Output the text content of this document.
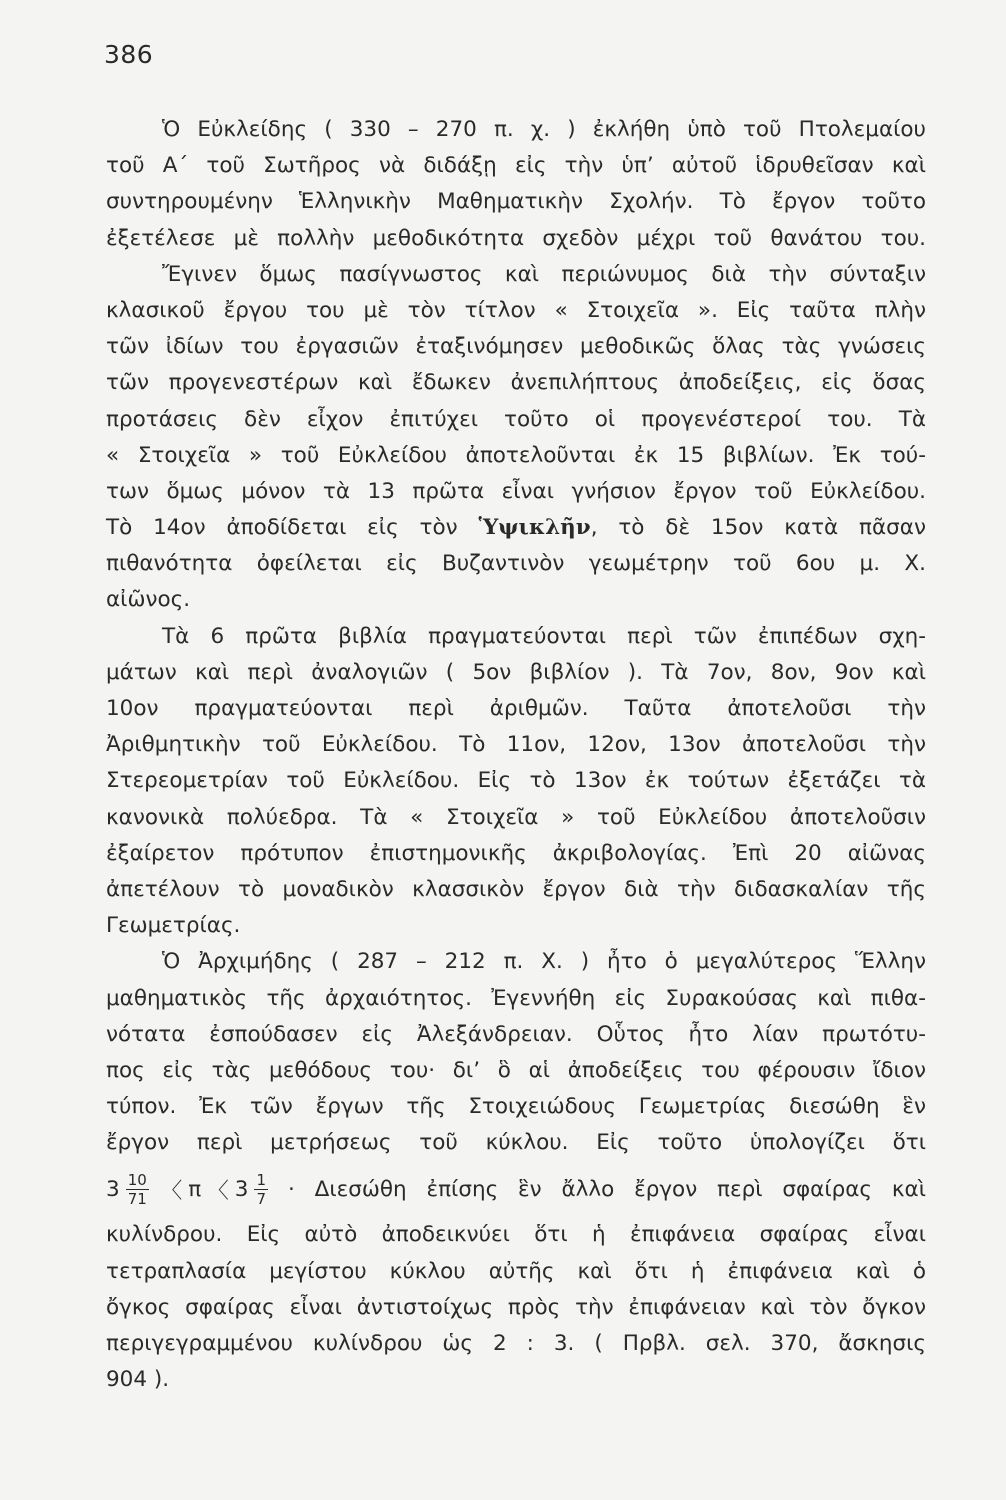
386
Ὁ Εὐκλείδης ( 330 – 270 π. χ. ) ἐκλήθη ὑπὸ τοῦ Πτολεμαίου
τοῦ Α΄ τοῦ Σωτῆρος νὰ διδάξῃ εἰς τὴν ὑπ’ αὐτοῦ ἱδρυθεῖσαν καὶ
συντηρουμένην Ἑλληνικὴν Μαθηματικὴν Σχολήν. Τὸ ἔργον τοῦτο
ἐξετέλεσε μὲ πολλὴν μεθοδικότητα σχεδὸν μέχρι τοῦ θανάτου του.
Ἔγινεν ὅμως πασίγνωστος καὶ περιώνυμος διὰ τὴν σύνταξιν
κλασικοῦ ἔργου του μὲ τὸν τίτλον « Στοιχεῖα ». Εἰς ταῦτα πλὴν
τῶν ἰδίων του ἐργασιῶν ἐταξινόμησεν μεθοδικῶς ὅλας τὰς γνώσεις
τῶν προγενεστέρων καὶ ἔδωκεν ἀνεπιλήπτους ἀποδείξεις, εἰς ὅσας
προτάσεις δὲν εἶχον ἐπιτύχει τοῦτο οἱ προγενέστεροί του. Τὰ
« Στοιχεῖα » τοῦ Εὐκλείδου ἀποτελοῦνται ἐκ 15 βιβλίων. Ἐκ τού-
των ὅμως μόνον τὰ 13 πρῶτα εἶναι γνήσιον ἔργον τοῦ Εὐκλείδου.
Τὸ 14ον ἀποδίδεται εἰς τὸν Ὑψικλῆν, τὸ δὲ 15ον κατὰ πᾶσαν
πιθανότητα ὀφείλεται εἰς Βυζαντινὸν γεωμέτρην τοῦ 6ου μ. Χ.
αἰῶνος.
Τὰ 6 πρῶτα βιβλία πραγματεύονται περὶ τῶν ἐπιπέδων σχη-
μάτων καὶ περὶ ἀναλογιῶν ( 5ον βιβλίον ). Τὰ 7ον, 8ον, 9ον καὶ
10ον πραγματεύονται περὶ ἀριθμῶν. Ταῦτα ἀποτελοῦσι τὴν
Ἀριθμητικὴν τοῦ Εὐκλείδου. Τὸ 11ον, 12ον, 13ον ἀποτελοῦσι τὴν
Στερεομετρίαν τοῦ Εὐκλείδου. Εἰς τὸ 13ον ἐκ τούτων ἐξετάζει τὰ
κανονικὰ πολύεδρα. Τὰ « Στοιχεῖα » τοῦ Εὐκλείδου ἀποτελοῦσιν
ἐξαίρετον πρότυπον ἐπιστημονικῆς ἀκριβολογίας. Ἐπὶ 20 αἰῶνας
ἀπετέλουν τὸ μοναδικὸν κλασσικὸν ἔργον διὰ τὴν διδασκαλίαν τῆς
Γεωμετρίας.
Ὁ Ἀρχιμήδης ( 287 – 212 π. Χ. ) ἦτο ὁ μεγαλύτερος Ἕλλην
μαθηματικὸς τῆς ἀρχαιότητος. Ἐγεννήθη εἰς Συρακούσας καὶ πιθα-
νότατα ἐσπούδασεν εἰς Ἀλεξάνδρειαν. Οὗτος ἦτο λίαν πρωτότυ-
πος εἰς τὰς μεθόδους του· δι’ ὃ αἱ ἀποδείξεις του φέρουσιν ἴδιον
τύπον. Ἐκ τῶν ἔργων τῆς Στοιχειώδους Γεωμετρίας διεσώθη ἓν
ἔργον περὶ μετρήσεως τοῦ κύκλου. Εἰς τοῦτο ὑπολογίζει ὅτι
$3 \frac{10}{71}$ 〈 π 〈 $3 \frac{1}{7} \cdot \Delta\iota\varepsilon\sigma ώ\theta\eta$ ἐπίσης ἓν ἄλλο ἔργον περὶ σφαίρας καὶ
κυλίνδρου. Εἰς αὐτὸ ἀποδεικνύει ὅτι ἡ ἐπιφάνεια σφαίρας εἶναι
τετραπλασία μεγίστου κύκλου αὐτῆς καὶ ὅτι ἡ ἐπιφάνεια καὶ ὁ
ὄγκος σφαίρας εἶναι ἀντιστοίχως πρὸς τὴν ἐπιφάνειαν καὶ τὸν ὄγκον
περιγεγραμμένου κυλίνδρου ὡς 2 : 3. ( Πρβλ. σελ. 370, ἄσκησις
904 ).
